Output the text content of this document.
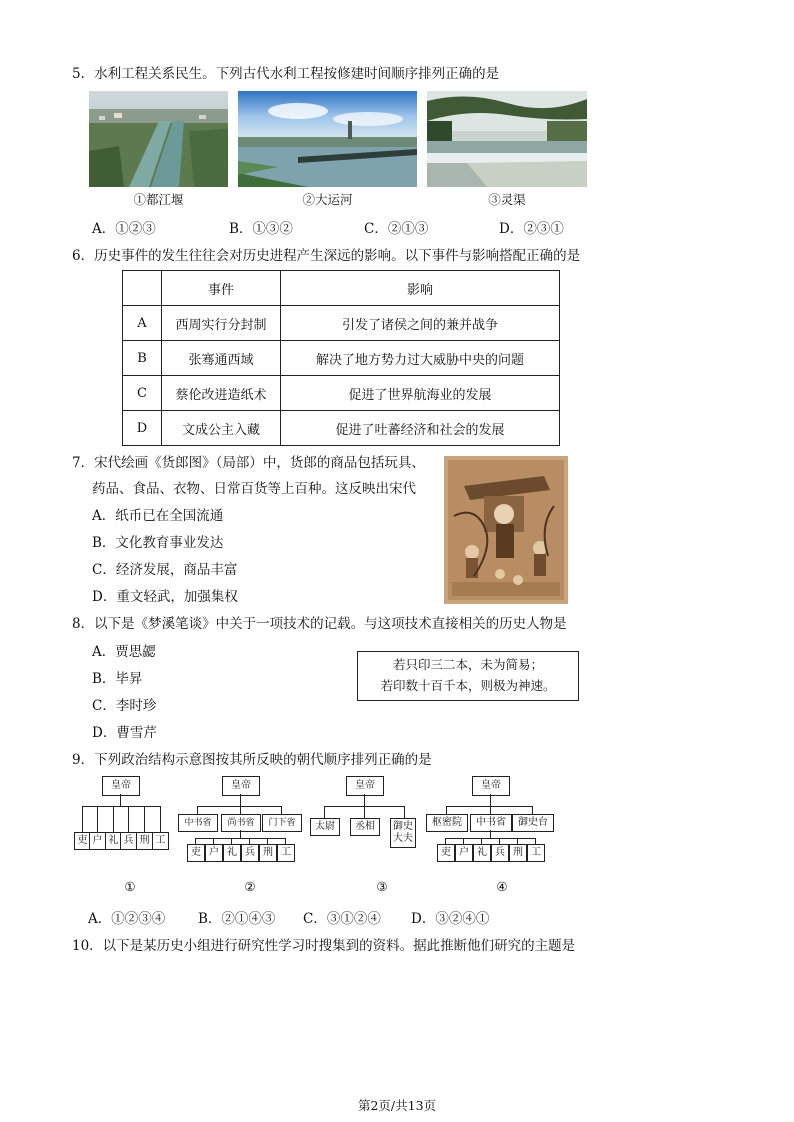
5．水利工程关系民生。下列古代水利工程按修建时间顺序排列正确的是
①都江堰	②大运河	③灵渠
A．①②③	B．①③②	C．②①③	D．②③①
6．历史事件的发生往往会对历史进程产生深远的影响。以下事件与影响搭配正确的是
	事件	影响
A	西周实行分封制	引发了诸侯之间的兼并战争
B	张骞通西域	解决了地方势力过大威胁中央的问题
C	蔡伦改进造纸术	促进了世界航海业的发展
D	文成公主入藏	促进了吐蕃经济和社会的发展
7．宋代绘画《货郎图》（局部）中，货郎的商品包括玩具、
药品、食品、衣物、日常百货等上百种。这反映出宋代
A．纸币已在全国流通
B．文化教育事业发达
C．经济发展，商品丰富
D．重文轻武，加强集权
8．以下是《梦溪笔谈》中关于一项技术的记载。与这项技术直接相关的历史人物是
A．贾思勰
B．毕昇
C．李时珍
D．曹雪芹
若只印三二本，未为简易；
若印数十百千本，则极为神速。
9．下列政治结构示意图按其所反映的朝代顺序排列正确的是
皇帝
吏 户 礼 兵 刑 工
①
皇帝
中书省	尚书省	门下省
吏 户 礼 兵 刑 工
②
皇帝
太尉	丞相	御史大夫
③
皇帝
枢密院	中书省	御史台
吏 户 礼 兵 刑 工
④
A．①②③④ B．②①④③ C．③①②④ D．③②④①
10．以下是某历史小组进行研究性学习时搜集到的资料。据此推断他们研究的主题是
第2页/共13页
